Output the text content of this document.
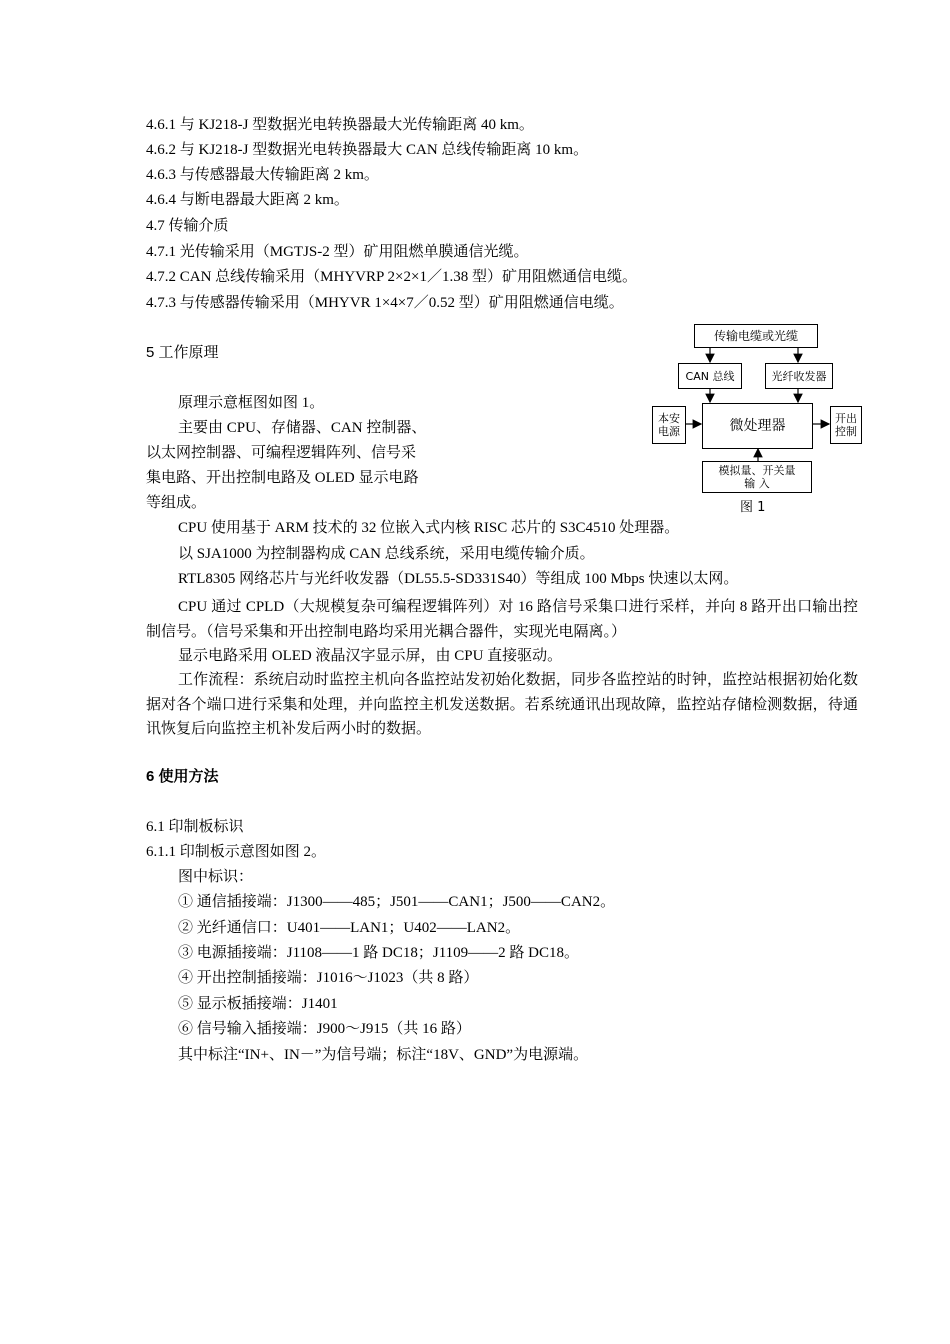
4.6.1 与 KJ218-J 型数据光电转换器最大光传输距离 40 km。
4.6.2 与 KJ218-J 型数据光电转换器最大 CAN 总线传输距离 10 km。
4.6.3 与传感器最大传输距离 2 km。
4.6.4 与断电器最大距离 2 km。
4.7 传输介质
4.7.1 光传输采用（MGTJS-2 型）矿用阻燃单膜通信光缆。
4.7.2 CAN 总线传输采用（MHYVRP 2×2×1／1.38 型）矿用阻燃通信电缆。
4.7.3 与传感器传输采用（MHYVR 1×4×7／0.52 型）矿用阻燃通信电缆。
5 工作原理
原理示意框图如图 1。
主要由 CPU、存储器、CAN 控制器、
以太网控制器、可编程逻辑阵列、信号采
集电路、开出控制电路及 OLED 显示电路
等组成。
传输电缆或光缆
CAN 总线	光纤收发器
本安
电源	微处理器	开出
控制
模拟量、开关量
输 入
图 1
CPU 使用基于 ARM 技术的 32 位嵌入式内核 RISC 芯片的 S3C4510 处理器。
以 SJA1000 为控制器构成 CAN 总线系统，采用电缆传输介质。
RTL8305 网络芯片与光纤收发器（DL55.5-SD331S40）等组成 100 Mbps 快速以太网。
CPU 通过 CPLD（大规模复杂可编程逻辑阵列）对 16 路信号采集口进行采样，并向 8 路开出口输出控制信号。（信号采集和开出控制电路均采用光耦合器件，实现光电隔离。）
显示电路采用 OLED 液晶汉字显示屏，由 CPU 直接驱动。
工作流程：系统启动时监控主机向各监控站发初始化数据，同步各监控站的时钟，监控站根据初始化数据对各个端口进行采集和处理，并向监控主机发送数据。若系统通讯出现故障，监控站存储检测数据，待通讯恢复后向监控主机补发后两小时的数据。
6 使用方法
6.1 印制板标识
6.1.1 印制板示意图如图 2。
图中标识：
① 通信插接端：J1300——485；J501——CAN1；J500——CAN2。
② 光纤通信口：U401——LAN1；U402——LAN2。
③ 电源插接端：J1108——1 路 DC18；J1109——2 路 DC18。
④ 开出控制插接端：J1016～J1023（共 8 路）
⑤ 显示板插接端：J1401
⑥ 信号输入插接端：J900～J915（共 16 路）
其中标注“IN+、IN－”为信号端；标注“18V、GND”为电源端。
